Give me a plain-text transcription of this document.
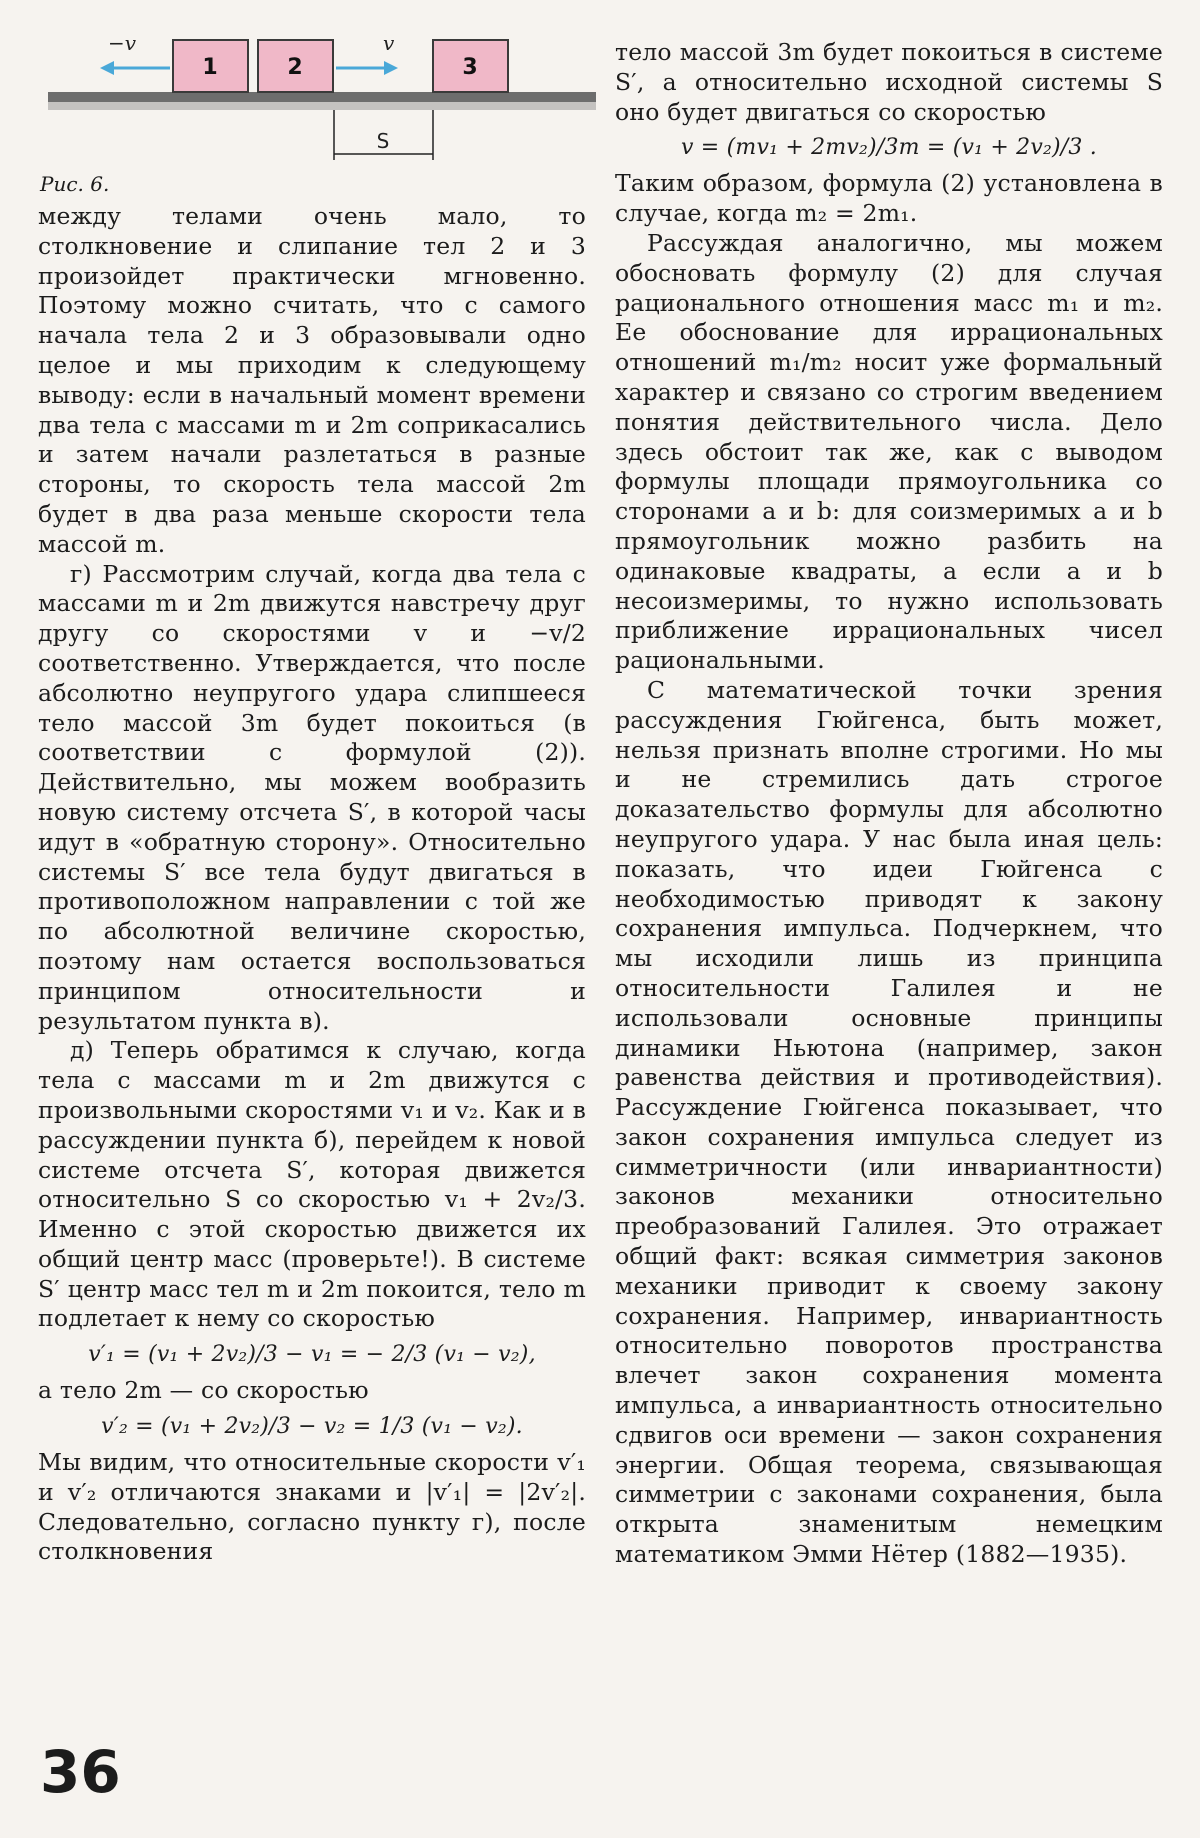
1	2	3
−v	v
S
Рис. 6.

между телами очень мало, то столкновение и слипание тел 2 и 3 произойдет практически мгновенно. Поэтому можно считать, что с самого начала тела 2 и 3 образовывали одно целое и мы приходим к следующему выводу: если в начальный момент времени два тела с массами m и 2m соприкасались и затем начали разлетаться в разные стороны, то скорость тела массой 2m будет в два раза меньше скорости тела массой m.

г) Рассмотрим случай, когда два тела с массами m и 2m движутся навстречу друг другу со скоростями v и −v/2 соответственно. Утверждается, что после абсолютно неупругого удара слипшееся тело массой 3m будет покоиться (в соответствии с формулой (2)). Действительно, мы можем вообразить новую систему отсчета S′, в которой часы идут в «обратную сторону». Относительно системы S′ все тела будут двигаться в противоположном направлении с той же по абсолютной величине скоростью, поэтому нам остается воспользоваться принципом относительности и результатом пункта в).

д) Теперь обратимся к случаю, когда тела с массами m и 2m движутся с произвольными скоростями v₁ и v₂. Как и в рассуждении пункта б), перейдем к новой системе отсчета S′, которая движется относительно S со скоростью v₁ + 2v₂/3. Именно с этой скоростью движется их общий центр масс (проверьте!). В системе S′ центр масс тел m и 2m покоится, тело m подлетает к нему со скоростью

v′₁ = (v₁ + 2v₂)/3 − v₁ = − 2/3 (v₁ − v₂),

а тело 2m — со скоростью

v′₂ = (v₁ + 2v₂)/3 − v₂ = 1/3 (v₁ − v₂).

Мы видим, что относительные скорости v′₁ и v′₂ отличаются знаками и |v′₁| = |2v′₂|. Следовательно, согласно пункту г), после столкновения

тело массой 3m будет покоиться в системе S′, а относительно исходной системы S оно будет двигаться со скоростью

v = (mv₁ + 2mv₂)/3m = (v₁ + 2v₂)/3 .

Таким образом, формула (2) установлена в случае, когда m₂ = 2m₁.

Рассуждая аналогично, мы можем обосновать формулу (2) для случая рационального отношения масс m₁ и m₂. Ее обоснование для иррациональных отношений m₁/m₂ носит уже формальный характер и связано со строгим введением понятия действительного числа. Дело здесь обстоит так же, как с выводом формулы площади прямоугольника со сторонами a и b: для соизмеримых a и b прямоугольник можно разбить на одинаковые квадраты, а если a и b несоизмеримы, то нужно использовать приближение иррациональных чисел рациональными.

С математической точки зрения рассуждения Гюйгенса, быть может, нельзя признать вполне строгими. Но мы и не стремились дать строгое доказательство формулы для абсолютно неупругого удара. У нас была иная цель: показать, что идеи Гюйгенса с необходимостью приводят к закону сохранения импульса. Подчеркнем, что мы исходили лишь из принципа относительности Галилея и не использовали основные принципы динамики Ньютона (например, закон равенства действия и противодействия). Рассуждение Гюйгенса показывает, что закон сохранения импульса следует из симметричности (или инвариантности) законов механики относительно преобразований Галилея. Это отражает общий факт: всякая симметрия законов механики приводит к своему закону сохранения. Например, инвариантность относительно поворотов пространства влечет закон сохранения момента импульса, а инвариантность относительно сдвигов оси времени — закон сохранения энергии. Общая теорема, связывающая симметрии с законами сохранения, была открыта знаменитым немецким математиком Эмми Нётер (1882—1935).

36
